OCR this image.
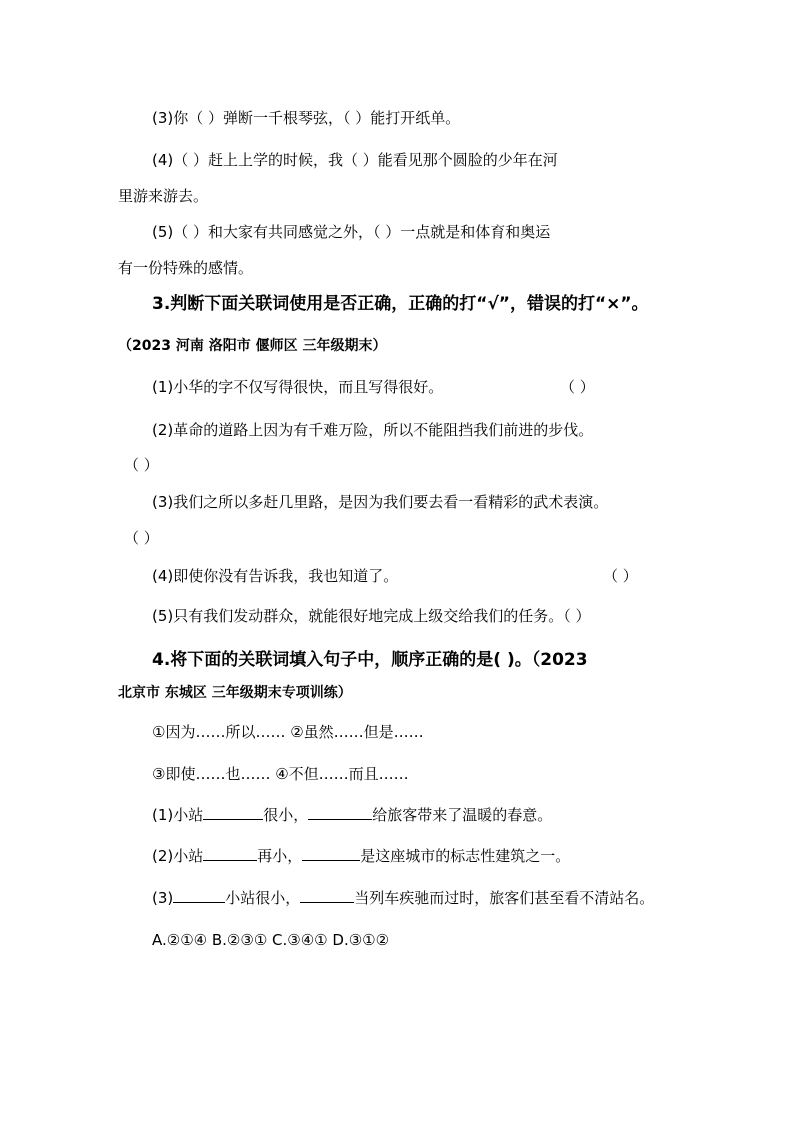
(3)你（ ）弹断一千根琴弦，（ ）能打开纸单。
(4)（ ）赶上上学的时候，我（ ）能看见那个圆脸的少年在河
里游来游去。
(5)（ ）和大家有共同感觉之外，（ ）一点就是和体育和奥运
有一份特殊的感情。
3.判断下面关联词使用是否正确，正确的打“√”，错误的打“×”。
（2023 河南 洛阳市 偃师区 三年级期末）
(1)小华的字不仅写得很快，而且写得很好。	（ ）
(2)革命的道路上因为有千难万险，所以不能阻挡我们前进的步伐。
（ ）
(3)我们之所以多赶几里路，是因为我们要去看一看精彩的武术表演。
（ ）
(4)即使你没有告诉我，我也知道了。	（ ）
(5)只有我们发动群众，就能很好地完成上级交给我们的任务。（ ）
4.将下面的关联词填入句子中，顺序正确的是( )。（2023
北京市 东城区 三年级期末专项训练）
①因为……所以…… ②虽然……但是……
③即使……也…… ④不但……而且……
(1)小站	很小，	给旅客带来了温暖的春意。
(2)小站	再小，	是这座城市的标志性建筑之一。
(3)	小站很小，	当列车疾驰而过时，旅客们甚至看不清站名。
A.②①④ B.②③① C.③④① D.③①②
